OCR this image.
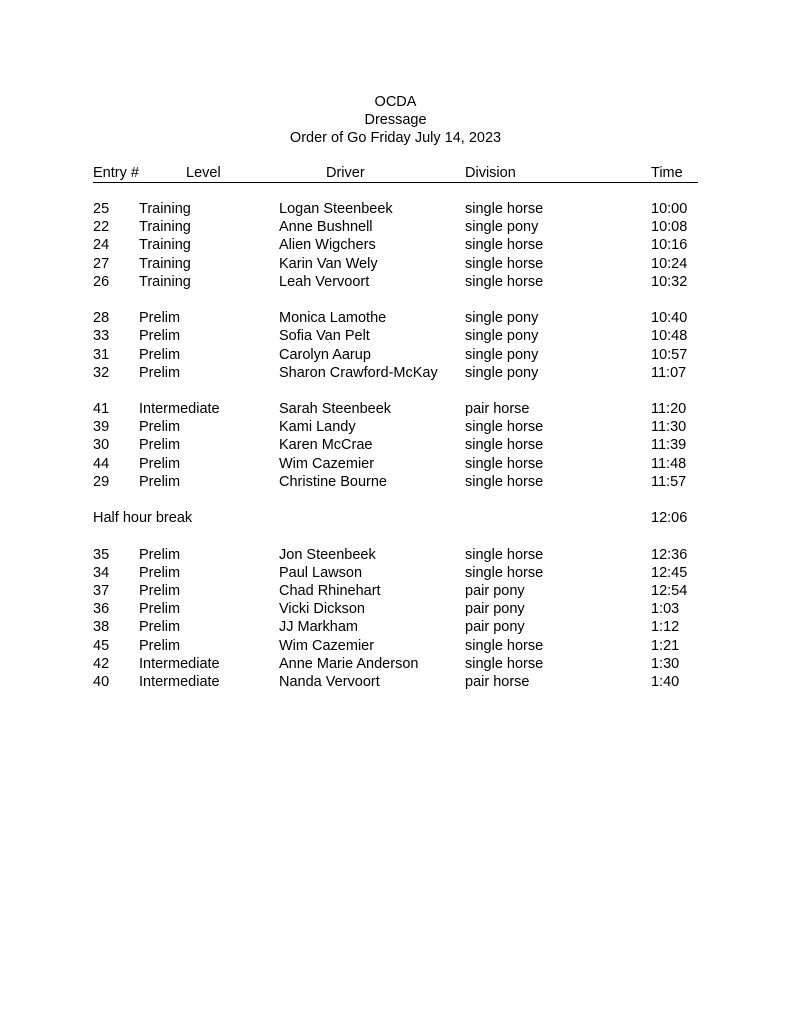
OCDA
Dressage
Order of Go Friday July 14, 2023
Entry #	Level	Driver	Division	Time
25 Training	Logan Steenbeek	single horse	10:00
22 Training	Anne Bushnell	single pony	10:08
24 Training	Alien Wigchers	single horse	10:16
27 Training	Karin Van Wely	single horse	10:24
26 Training	Leah Vervoort	single horse	10:32
28 Prelim	Monica Lamothe	single pony	10:40
33 Prelim	Sofia Van Pelt	single pony	10:48
31 Prelim	Carolyn Aarup	single pony	10:57
32 Prelim	Sharon Crawford-McKay single pony	11:07
41 Intermediate	Sarah Steenbeek	pair horse	11:20
39 Prelim	Kami Landy	single horse	11:30
30 Prelim	Karen McCrae	single horse	11:39
44 Prelim	Wim Cazemier	single horse	11:48
29 Prelim	Christine Bourne	single horse	11:57
Half hour break	12:06
35 Prelim	Jon Steenbeek	single horse	12:36
34 Prelim	Paul Lawson	single horse	12:45
37 Prelim	Chad Rhinehart	pair pony	12:54
36 Prelim	Vicki Dickson	pair pony	1:03
38 Prelim	JJ Markham	pair pony	1:12
45 Prelim	Wim Cazemier	single horse	1:21
42 Intermediate	Anne Marie Anderson	single horse	1:30
40 Intermediate	Nanda Vervoort	pair horse	1:40
